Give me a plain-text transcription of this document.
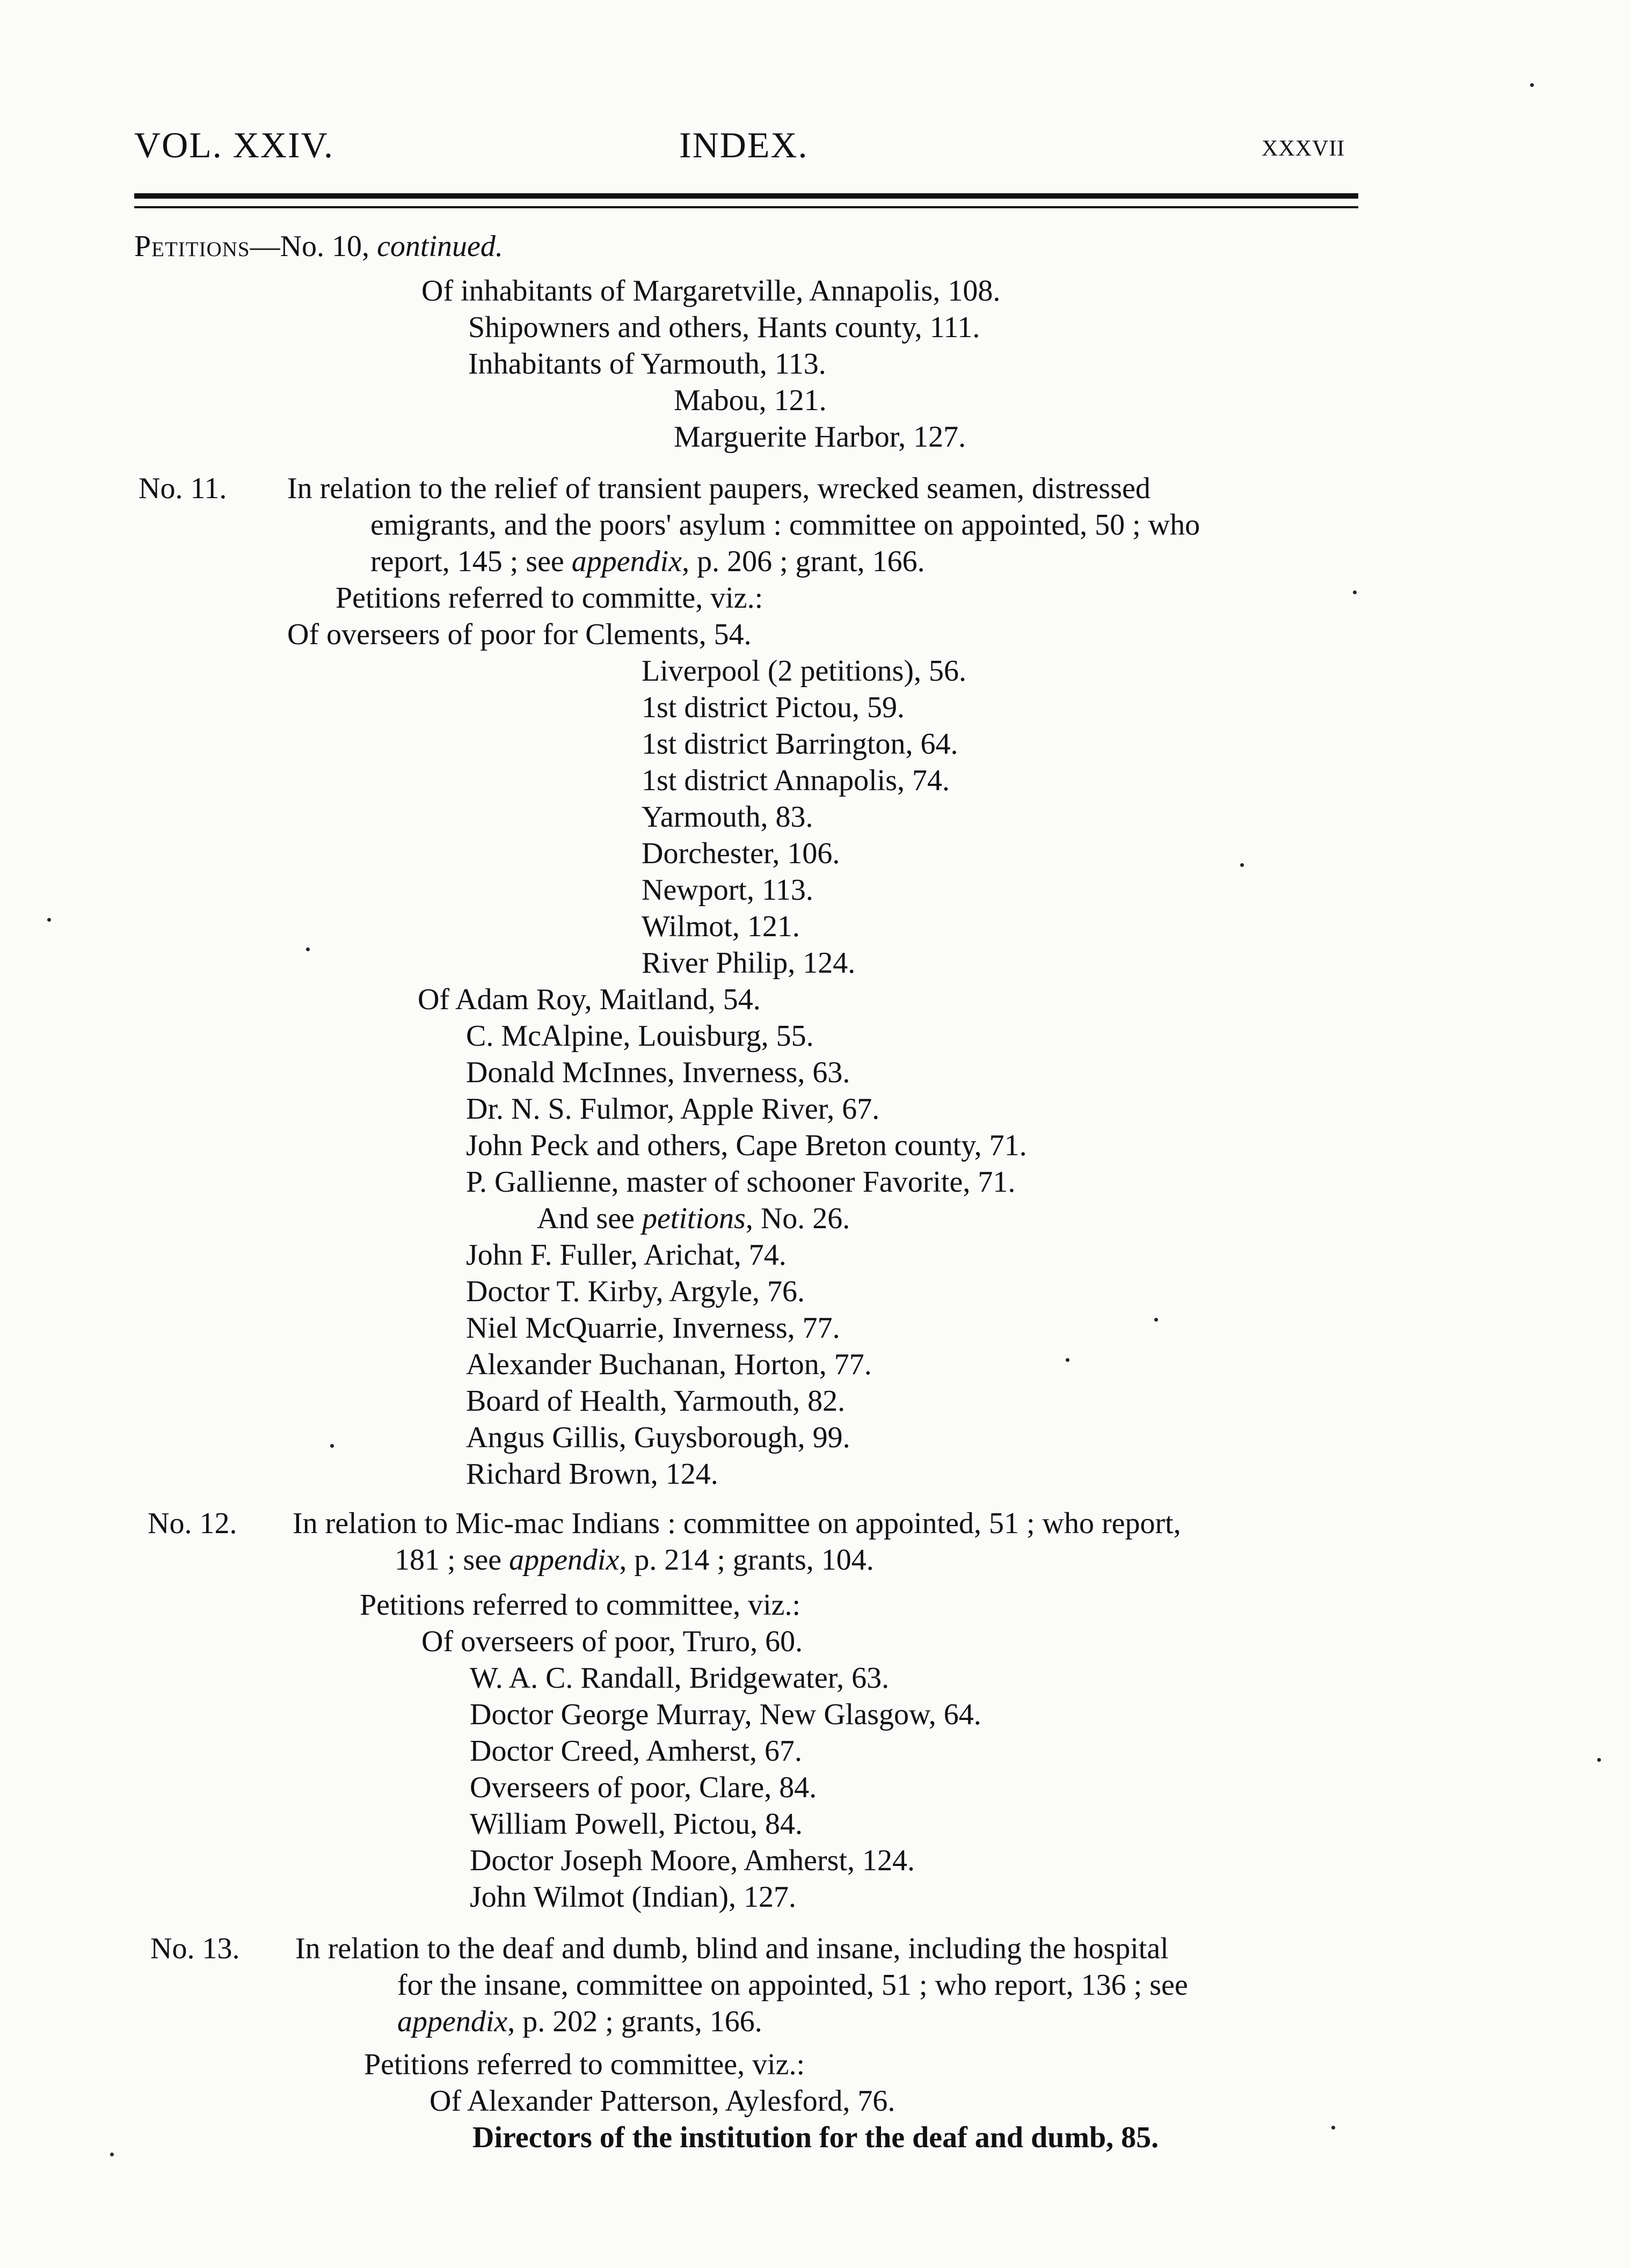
VOL. XXIV.	INDEX.	xxxvii
Petitions—No. 10, continued.
Of inhabitants of Margaretville, Annapolis, 108.
Shipowners and others, Hants county, 111.
Inhabitants of Yarmouth, 113.
Mabou, 121.
Marguerite Harbor, 127.
No. 11. In relation to the relief of transient paupers, wrecked seamen, distressed
emigrants, and the poors' asylum : committee on appointed, 50 ; who
report, 145 ; see appendix, p. 206 ; grant, 166.
Petitions referred to committe, viz.:
Of overseers of poor for Clements, 54.
Liverpool (2 petitions), 56.
1st district Pictou, 59.
1st district Barrington, 64.
1st district Annapolis, 74.
Yarmouth, 83.
Dorchester, 106.
Newport, 113.
Wilmot, 121.
River Philip, 124.
Of Adam Roy, Maitland, 54.
C. McAlpine, Louisburg, 55.
Donald McInnes, Inverness, 63.
Dr. N. S. Fulmor, Apple River, 67.
John Peck and others, Cape Breton county, 71.
P. Gallienne, master of schooner Favorite, 71.
And see petitions, No. 26.
John F. Fuller, Arichat, 74.
Doctor T. Kirby, Argyle, 76.
Niel McQuarrie, Inverness, 77.
Alexander Buchanan, Horton, 77.
Board of Health, Yarmouth, 82.
Angus Gillis, Guysborough, 99.
Richard Brown, 124.
No. 12. In relation to Mic-mac Indians : committee on appointed, 51 ; who report,
181 ; see appendix, p. 214 ; grants, 104.
Petitions referred to committee, viz.:
Of overseers of poor, Truro, 60.
W. A. C. Randall, Bridgewater, 63.
Doctor George Murray, New Glasgow, 64.
Doctor Creed, Amherst, 67.
Overseers of poor, Clare, 84.
William Powell, Pictou, 84.
Doctor Joseph Moore, Amherst, 124.
John Wilmot (Indian), 127.
No. 13. In relation to the deaf and dumb, blind and insane, including the hospital
for the insane, committee on appointed, 51 ; who report, 136 ; see
appendix, p. 202 ; grants, 166.
Petitions referred to committee, viz.:
Of Alexander Patterson, Aylesford, 76.
Directors of the institution for the deaf and dumb, 85.
